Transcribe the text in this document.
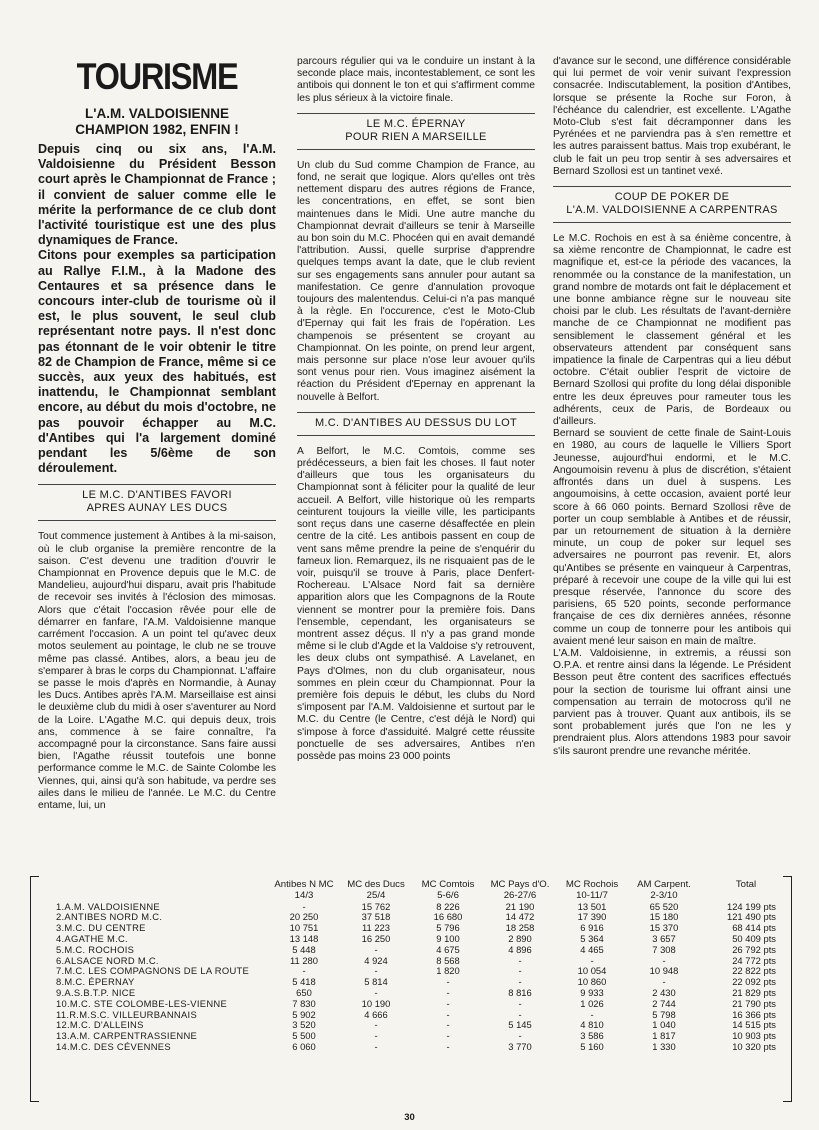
TOURISME
L'A.M. VALDOISIENNE
CHAMPION 1982, ENFIN !

Depuis cinq ou six ans, l'A.M. Valdoisienne du Président Besson court après le Championnat de France ; il convient de saluer comme elle le mérite la performance de ce club dont l'activité touristique est une des plus dynamiques de France.

Citons pour exemples sa participation au Rallye F.I.M., à la Madone des Centaures et sa présence dans le concours inter-club de tourisme où il est, le plus souvent, le seul club représentant notre pays. Il n'est donc pas étonnant de le voir obtenir le titre 82 de Champion de France, même si ce succès, aux yeux des habitués, est inattendu, le Championnat semblant encore, au début du mois d'octobre, ne pas pouvoir échapper au M.C. d'Antibes qui l'a largement dominé pendant les 5/6ème de son déroulement.

LE M.C. D'ANTIBES FAVORI
APRES AUNAY LES DUCS

Tout commence justement à Antibes à la mi-saison, où le club organise la première rencontre de la saison. C'est devenu une tradition d'ouvrir le Championnat en Provence depuis que le M.C. de Mandelieu, aujourd'hui disparu, avait pris l'habitude de recevoir ses invités à l'éclosion des mimosas. Alors que c'était l'occasion rêvée pour elle de démarrer en fanfare, l'A.M. Valdoisienne manque carrément l'occasion. A un point tel qu'avec deux motos seulement au pointage, le club ne se trouve même pas classé. Antibes, alors, a beau jeu de s'emparer à bras le corps du Championnat. L'affaire se passe le mois d'après en Normandie, à Aunay les Ducs. Antibes après l'A.M. Marseillaise est ainsi le deuxième club du midi à oser s'aventurer au Nord de la Loire. L'Agathe M.C. qui depuis deux, trois ans, commence à se faire connaître, l'a accompagné pour la circonstance. Sans faire aussi bien, l'Agathe réussit toutefois une bonne performance comme le M.C. de Sainte Colombe les Viennes, qui, ainsi qu'à son habitude, va perdre ses ailes dans le milieu de l'année. Le M.C. du Centre entame, lui, un

parcours régulier qui va le conduire un instant à la seconde place mais, incontestablement, ce sont les antibois qui donnent le ton et qui s'affirment comme les plus sérieux à la victoire finale.

LE M.C. ÉPERNAY
POUR RIEN A MARSEILLE

Un club du Sud comme Champion de France, au fond, ne serait que logique. Alors qu'elles ont très nettement disparu des autres régions de France, les concentrations, en effet, se sont bien maintenues dans le Midi. Une autre manche du Championnat devrait d'ailleurs se tenir à Marseille au bon soin du M.C. Phocéen qui en avait demandé l'attribution. Aussi, quelle surprise d'apprendre quelques temps avant la date, que le club revient sur ses engagements sans annuler pour autant sa manifestation. Ce genre d'annulation provoque toujours des malentendus. Celui-ci n'a pas manqué à la règle. En l'occurence, c'est le Moto-Club d'Epernay qui fait les frais de l'opération. Les champenois se présentent se croyant au Championnat. On les pointe, on prend leur argent, mais personne sur place n'ose leur avouer qu'ils sont venus pour rien. Vous imaginez aisément la réaction du Président d'Epernay en apprenant la nouvelle à Belfort.

M.C. D'ANTIBES AU DESSUS DU LOT

A Belfort, le M.C. Comtois, comme ses prédécesseurs, a bien fait les choses. Il faut noter d'ailleurs que tous les organisateurs du Championnat sont à féliciter pour la qualité de leur accueil. A Belfort, ville historique où les remparts ceinturent toujours la vieille ville, les participants sont reçus dans une caserne désaffectée en plein centre de la cité. Les antibois passent en coup de vent sans même prendre la peine de s'enquérir du fameux lion. Remarquez, ils ne risquaient pas de le voir, puisqu'il se trouve à Paris, place Denfert-Rochereau. L'Alsace Nord fait sa dernière apparition alors que les Compagnons de la Route viennent se montrer pour la première fois. Dans l'ensemble, cependant, les organisateurs se montrent assez déçus. Il n'y a pas grand monde même si le club d'Agde et la Valdoise s'y retrouvent, les deux clubs ont sympathisé. A Lavelanet, en Pays d'Olmes, non du club organisateur, nous sommes en plein cœur du Championnat. Pour la première fois depuis le début, les clubs du Nord s'imposent par l'A.M. Valdoisienne et surtout par le M.C. du Centre (le Centre, c'est déjà le Nord) qui s'impose à force d'assiduité. Malgré cette réussite ponctuelle de ses adversaires, Antibes n'en possède pas moins 23 000 points

d'avance sur le second, une différence considérable qui lui permet de voir venir suivant l'expression consacrée. Indiscutablement, la position d'Antibes, lorsque se présente la Roche sur Foron, à l'échéance du calendrier, est excellente. L'Agathe Moto-Club s'est fait décramponner dans les Pyrénées et ne parviendra pas à s'en remettre et les autres paraissent battus. Mais trop exubérant, le club le fait un peu trop sentir à ses adversaires et Bernard Szollosi est un tantinet vexé.

COUP DE POKER DE
L'A.M. VALDOISIENNE A CARPENTRAS

Le M.C. Rochois en est à sa énième concentre, à sa xième rencontre de Championnat, le cadre est magnifique et, est-ce la période des vacances, la renommée ou la constance de la manifestation, un grand nombre de motards ont fait le déplacement et une bonne ambiance règne sur le nouveau site choisi par le club. Les résultats de l'avant-dernière manche de ce Championnat ne modifient pas sensiblement le classement général et les observateurs attendent par conséquent sans impatience la finale de Carpentras qui a lieu début octobre. C'était oublier l'esprit de victoire de Bernard Szollosi qui profite du long délai disponible entre les deux épreuves pour rameuter tous les adhérents, ceux de Paris, de Bordeaux ou d'ailleurs.

Bernard se souvient de cette finale de Saint-Louis en 1980, au cours de laquelle le Villiers Sport Jeunesse, aujourd'hui endormi, et le M.C. Angoumoisin revenu à plus de discrétion, s'étaient affrontés dans un duel à suspens. Les angoumoisins, à cette occasion, avaient porté leur score à 66 060 points. Bernard Szollosi rêve de porter un coup semblable à Antibes et de réussir, par un retournement de situation à la dernière minute, un coup de poker sur lequel ses adversaires ne pourront pas revenir. Et, alors qu'Antibes se présente en vainqueur à Carpentras, préparé à recevoir une coupe de la ville qui lui est presque réservée, l'annonce du score des parisiens, 65 520 points, seconde performance française de ces dix dernières années, résonne comme un coup de tonnerre pour les antibois qui avaient mené leur saison en main de maître.

L'A.M. Valdoisienne, in extremis, a réussi son O.P.A. et rentre ainsi dans la légende. Le Président Besson peut être content des sacrifices effectués pour la section de tourisme lui offrant ainsi une compensation au terrain de motocross qu'il ne parvient pas à trouver. Quant aux antibois, ils se sont probablement jurés que l'on ne les y prendraient plus. Alors attendons 1983 pour savoir s'ils sauront prendre une revanche méritée.

	Antibes N MC	MC des Ducs	MC Comtois	MC Pays d'O.	MC Rochois	AM Carpent.	Total
	14/3	25/4	5-6/6	26-27/6	10-11/7	2-3/10	
1.A.M. VALDOISIENNE	-	15 762	8 226	21 190	13 501	65 520	124 199 pts
2.ANTIBES NORD M.C.	20 250	37 518	16 680	14 472	17 390	15 180	121 490 pts
3.M.C. DU CENTRE	10 751	11 223	5 796	18 258	6 916	15 370	68 414 pts
4.AGATHE M.C.	13 148	16 250	9 100	2 890	5 364	3 657	50 409 pts
5.M.C. ROCHOIS	5 448	-	4 675	4 896	4 465	7 308	26 792 pts
6.ALSACE NORD M.C.	11 280	4 924	8 568	-	-	-	24 772 pts
7.M.C. LES COMPAGNONS DE LA ROUTE	-	-	1 820	-	10 054	10 948	22 822 pts
8.M.C. ÉPERNAY	5 418	5 814	-	-	10 860	-	22 092 pts
9.A.S.B.T.P. NICE	650	-	-	8 816	9 933	2 430	21 829 pts
10.M.C. STE COLOMBE-LES-VIENNE	7 830	10 190	-	-	1 026	2 744	21 790 pts
11.R.M.S.C. VILLEURBANNAIS	5 902	4 666	-	-	-	5 798	16 366 pts
12.M.C. D'ALLEINS	3 520	-	-	5 145	4 810	1 040	14 515 pts
13.A.M. CARPENTRASSIENNE	5 500	-	-	-	3 586	1 817	10 903 pts
14.M.C. DES CÉVENNES	6 060	-	-	3 770	5 160	1 330	10 320 pts
30
